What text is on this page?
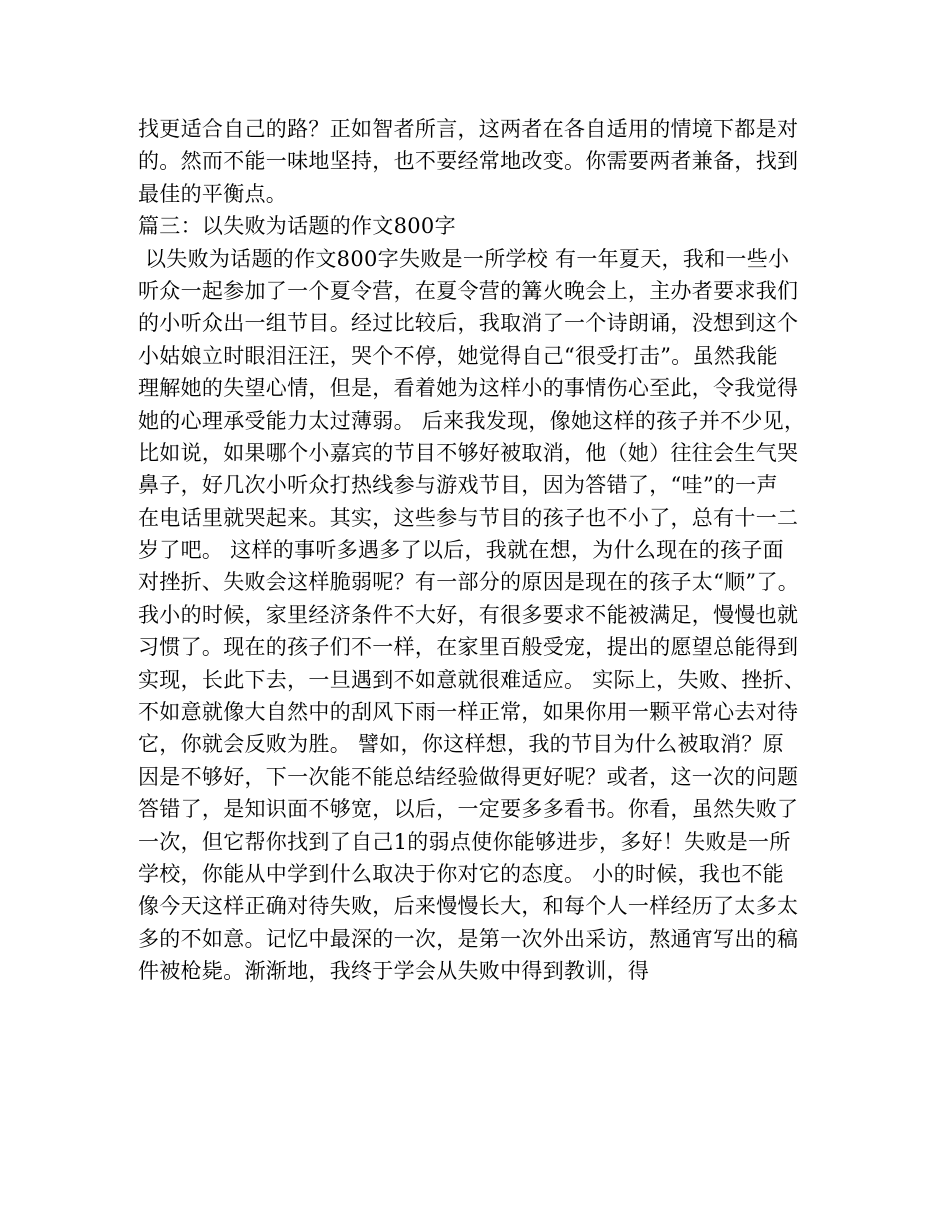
找更适合自己的路？正如智者所言，这两者在各自适用的情境下都是对
的。然而不能一味地坚持，也不要经常地改变。你需要两者兼备，找到
最佳的平衡点。
篇三：以失败为话题的作文800字
以失败为话题的作文800字失败是一所学校 有一年夏天，我和一些小
听众一起参加了一个夏令营，在夏令营的篝火晚会上，主办者要求我们
的小听众出一组节目。经过比较后，我取消了一个诗朗诵，没想到这个
小姑娘立时眼泪汪汪，哭个不停，她觉得自己“很受打击”。虽然我能
理解她的失望心情，但是，看着她为这样小的事情伤心至此，令我觉得
她的心理承受能力太过薄弱。 后来我发现，像她这样的孩子并不少见，
比如说，如果哪个小嘉宾的节目不够好被取消，他（她）往往会生气哭
鼻子，好几次小听众打热线参与游戏节目，因为答错了，“哇”的一声
在电话里就哭起来。其实，这些参与节目的孩子也不小了，总有十一二
岁了吧。 这样的事听多遇多了以后，我就在想，为什么现在的孩子面
对挫折、失败会这样脆弱呢？有一部分的原因是现在的孩子太“顺”了。
我小的时候，家里经济条件不大好，有很多要求不能被满足，慢慢也就
习惯了。现在的孩子们不一样，在家里百般受宠，提出的愿望总能得到
实现，长此下去，一旦遇到不如意就很难适应。 实际上，失败、挫折、
不如意就像大自然中的刮风下雨一样正常，如果你用一颗平常心去对待
它，你就会反败为胜。 譬如，你这样想，我的节目为什么被取消？原
因是不够好，下一次能不能总结经验做得更好呢？或者，这一次的问题
答错了，是知识面不够宽，以后，一定要多多看书。你看，虽然失败了
一次，但它帮你找到了自己1的弱点使你能够进步，多好！失败是一所
学校，你能从中学到什么取决于你对它的态度。 小的时候，我也不能
像今天这样正确对待失败，后来慢慢长大，和每个人一样经历了太多太
多的不如意。记忆中最深的一次，是第一次外出采访，熬通宵写出的稿
件被枪毙。渐渐地，我终于学会从失败中得到教训，得
